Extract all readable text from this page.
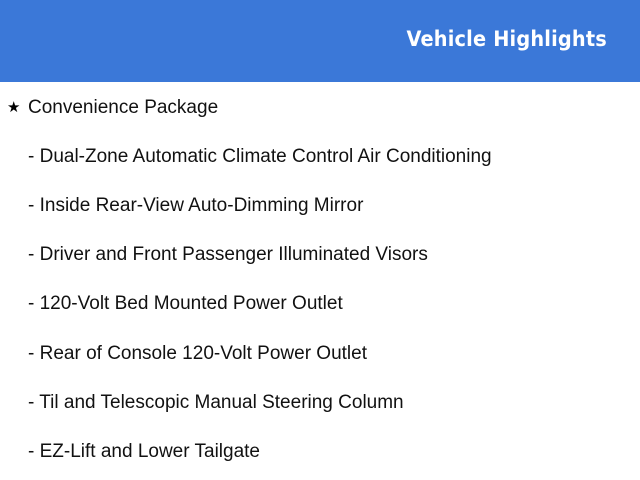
Vehicle Highlights
★ Convenience Package
- Dual-Zone Automatic Climate Control Air Conditioning
- Inside Rear-View Auto-Dimming Mirror
- Driver and Front Passenger Illuminated Visors
- 120-Volt Bed Mounted Power Outlet
- Rear of Console 120-Volt Power Outlet
- Til and Telescopic Manual Steering Column
- EZ-Lift and Lower Tailgate
